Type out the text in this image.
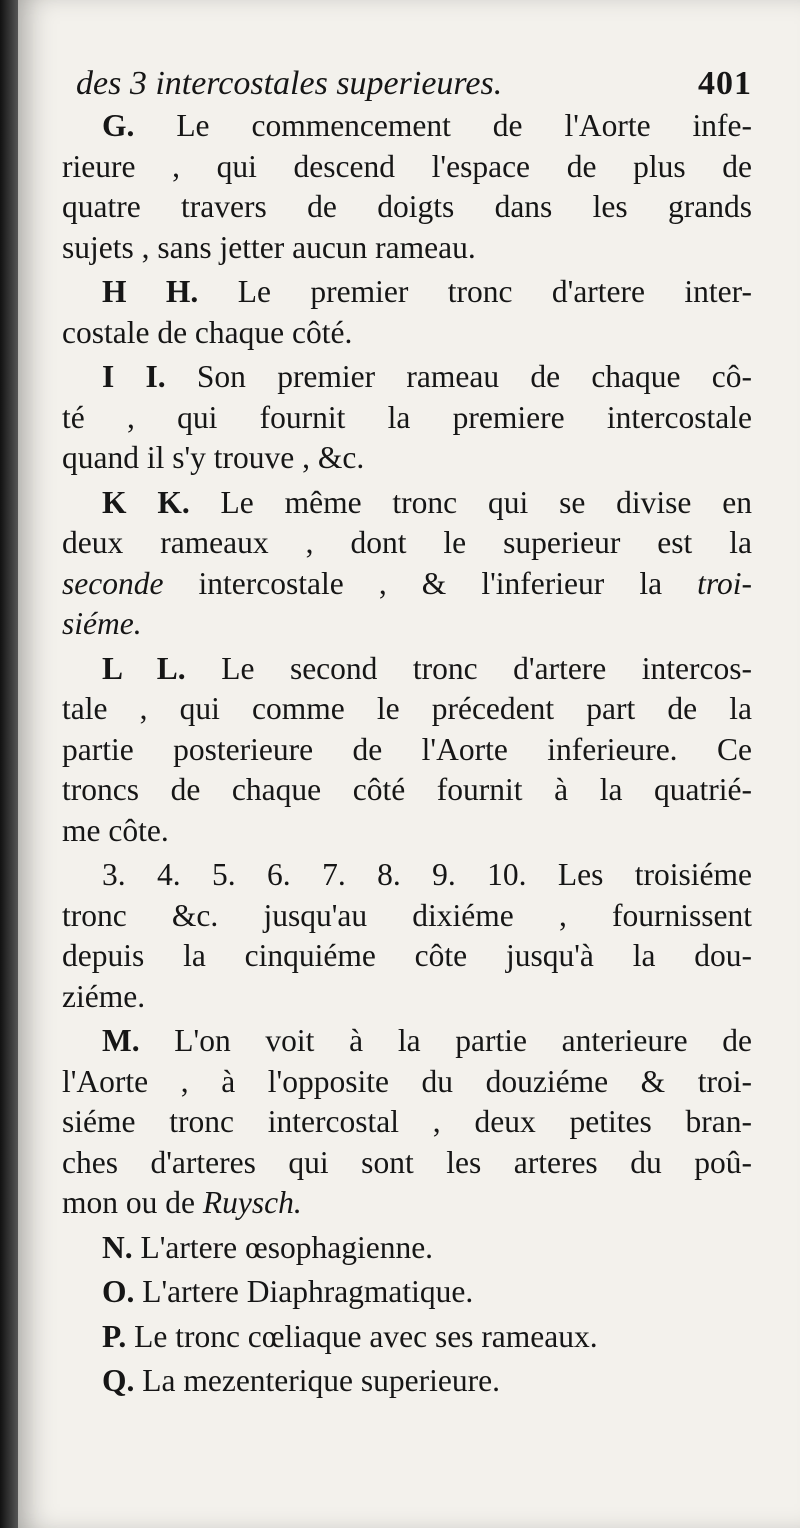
des 3 intercostales superieures.	401
G. Le commencement de l'Aorte infe-
rieure , qui descend l'espace de plus de
quatre travers de doigts dans les grands
sujets , sans jetter aucun rameau.
H H. Le premier tronc d'artere inter-
costale de chaque côté.
I I. Son premier rameau de chaque cô-
té , qui fournit la premiere intercostale
quand il s'y trouve , &c.
K K. Le même tronc qui se divise en
deux rameaux , dont le superieur est la
seconde intercostale , & l'inferieur la troi-
siéme.
L L. Le second tronc d'artere intercos-
tale , qui comme le précedent part de la
partie posterieure de l'Aorte inferieure. Ce
troncs de chaque côté fournit à la quatrié-
me côte.
3. 4. 5. 6. 7. 8. 9. 10. Les troisiéme
tronc &c. jusqu'au dixiéme , fournissent
depuis la cinquiéme côte jusqu'à la dou-
ziéme.
M. L'on voit à la partie anterieure de
l'Aorte , à l'opposite du douziéme & troi-
siéme tronc intercostal , deux petites bran-
ches d'arteres qui sont les arteres du poû-
mon ou de Ruysch.
N. L'artere œsophagienne.
O. L'artere Diaphragmatique.
P. Le tronc cœliaque avec ses rameaux.
Q. La mezenterique superieure.
